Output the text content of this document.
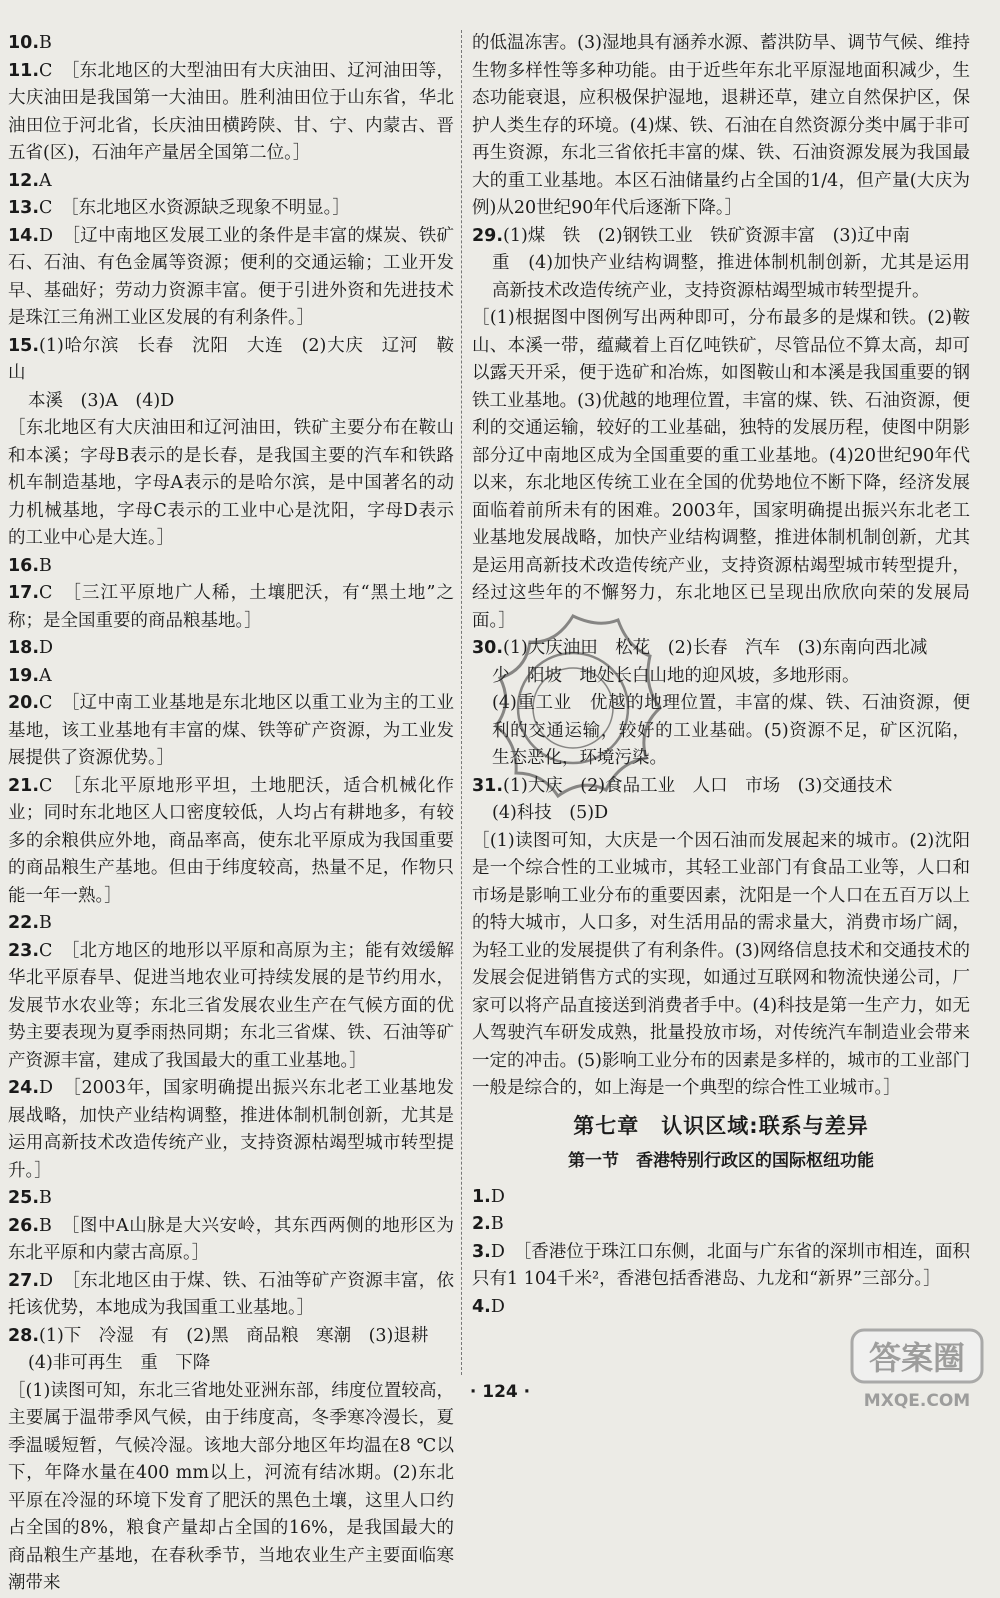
10.B
11.C　 ［东北地区的大型油田有大庆油田、辽河油田等，大庆油田是我国第一大油田。胜利油田位于山东省，华北油田位于河北省，长庆油田横跨陕、甘、宁、内蒙古、晋五省(区)，石油年产量居全国第二位。］
12.A
13.C　 ［东北地区水资源缺乏现象不明显。］
14.D　 ［辽中南地区发展工业的条件是丰富的煤炭、铁矿石、石油、有色金属等资源；便利的交通运输；工业开发早、基础好；劳动力资源丰富。便于引进外资和先进技术是珠江三角洲工业区发展的有利条件。］
15.(1)哈尔滨　长春　沈阳　大连　(2)大庆　辽河　鞍山
本溪　(3)A　(4)D
［东北地区有大庆油田和辽河油田，铁矿主要分布在鞍山和本溪；字母B表示的是长春，是我国主要的汽车和铁路机车制造基地，字母A表示的是哈尔滨，是中国著名的动力机械基地，字母C表示的工业中心是沈阳，字母D表示的工业中心是大连。］
16.B
17.C　 ［三江平原地广人稀，土壤肥沃，有“黑土地”之称；是全国重要的商品粮基地。］
18.D
19.A
20.C　 ［辽中南工业基地是东北地区以重工业为主的工业基地，该工业基地有丰富的煤、铁等矿产资源，为工业发展提供了资源优势。］
21.C　 ［东北平原地形平坦，土地肥沃，适合机械化作业；同时东北地区人口密度较低，人均占有耕地多，有较多的余粮供应外地，商品率高，使东北平原成为我国重要的商品粮生产基地。但由于纬度较高，热量不足，作物只能一年一熟。］
22.B
23.C　 ［北方地区的地形以平原和高原为主；能有效缓解华北平原春旱、促进当地农业可持续发展的是节约用水，发展节水农业等；东北三省发展农业生产在气候方面的优势主要表现为夏季雨热同期；东北三省煤、铁、石油等矿产资源丰富，建成了我国最大的重工业基地。］
24.D　 ［2003年，国家明确提出振兴东北老工业基地发展战略，加快产业结构调整，推进体制机制创新，尤其是运用高新技术改造传统产业，支持资源枯竭型城市转型提升。］
25.B
26.B　 ［图中A山脉是大兴安岭，其东西两侧的地形区为东北平原和内蒙古高原。］
27.D　 ［东北地区由于煤、铁、石油等矿产资源丰富，依托该优势，本地成为我国重工业基地。］
28.(1)下　冷湿　有　(2)黑　商品粮　寒潮　(3)退耕
(4)非可再生　重　下降
［(1)读图可知，东北三省地处亚洲东部，纬度位置较高，主要属于温带季风气候，由于纬度高，冬季寒冷漫长，夏季温暖短暂，气候冷湿。该地大部分地区年均温在8 ℃以下，年降水量在400 mm以上，河流有结冰期。(2)东北平原在冷湿的环境下发育了肥沃的黑色土壤，这里人口约占全国的8%，粮食产量却占全国的16%，是我国最大的商品粮生产基地，在春秋季节，当地农业生产主要面临寒潮带来
的低温冻害。(3)湿地具有涵养水源、蓄洪防旱、调节气候、维持生物多样性等多种功能。由于近些年东北平原湿地面积减少，生态功能衰退，应积极保护湿地，退耕还草，建立自然保护区，保护人类生存的环境。(4)煤、铁、石油在自然资源分类中属于非可再生资源，东北三省依托丰富的煤、铁、石油资源发展为我国最大的重工业基地。本区石油储量约占全国的1/4，但产量(大庆为例)从20世纪90年代后逐渐下降。］
29.(1)煤　铁　(2)钢铁工业　铁矿资源丰富　(3)辽中南
重　(4)加快产业结构调整，推进体制机制创新，尤其是运用高新技术改造传统产业，支持资源枯竭型城市转型提升。
［(1)根据图中图例写出两种即可，分布最多的是煤和铁。(2)鞍山、本溪一带，蕴藏着上百亿吨铁矿，尽管品位不算太高，却可以露天开采，便于选矿和冶炼，如图鞍山和本溪是我国重要的钢铁工业基地。(3)优越的地理位置，丰富的煤、铁、石油资源，便利的交通运输，较好的工业基础，独特的发展历程，使图中阴影部分辽中南地区成为全国重要的重工业基地。(4)20世纪90年代以来，东北地区传统工业在全国的优势地位不断下降，经济发展面临着前所未有的困难。2003年，国家明确提出振兴东北老工业基地发展战略，加快产业结构调整，推进体制机制创新，尤其是运用高新技术改造传统产业，支持资源枯竭型城市转型提升，经过这些年的不懈努力，东北地区已呈现出欣欣向荣的发展局面。］
30.(1)大庆油田　松花　(2)长春　汽车　(3)东南向西北减
少　阳坡　地处长白山地的迎风坡，多地形雨。
(4)重工业　优越的地理位置，丰富的煤、铁、石油资源，便利的交通运输，较好的工业基础。(5)资源不足，矿区沉陷，生态恶化，环境污染。
31.(1)大庆　(2)食品工业　人口　市场　(3)交通技术
(4)科技　(5)D
［(1)读图可知，大庆是一个因石油而发展起来的城市。(2)沈阳是一个综合性的工业城市，其轻工业部门有食品工业等，人口和市场是影响工业分布的重要因素，沈阳是一个人口在五百万以上的特大城市，人口多，对生活用品的需求量大，消费市场广阔，为轻工业的发展提供了有利条件。(3)网络信息技术和交通技术的发展会促进销售方式的实现，如通过互联网和物流快递公司，厂家可以将产品直接送到消费者手中。(4)科技是第一生产力，如无人驾驶汽车研发成熟，批量投放市场，对传统汽车制造业会带来一定的冲击。(5)影响工业分布的因素是多样的，城市的工业部门一般是综合的，如上海是一个典型的综合性工业城市。］
第七章　认识区域:联系与差异
第一节　香港特别行政区的国际枢纽功能
1.D
2.B
3.D　 ［香港位于珠江口东侧，北面与广东省的深圳市相连，面积只有1 104千米²，香港包括香港岛、九龙和“新界”三部分。］
4.D
· 124 ·
答案圈
MXQE.COM
